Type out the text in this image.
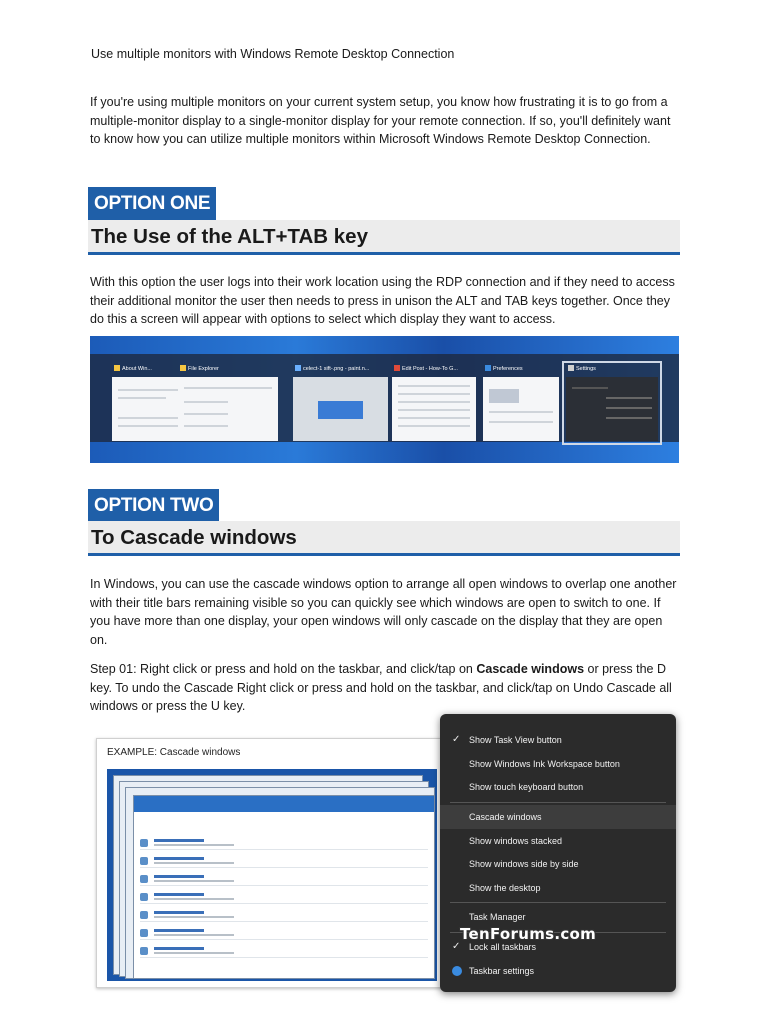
Use multiple monitors with Windows Remote Desktop Connection
If you're using multiple monitors on your current system setup, you know how frustrating it is to go from a multiple-monitor display to a single-monitor display for your remote connection. If so, you'll definitely want to know how you can utilize multiple monitors within Microsoft Windows Remote Desktop Connection.
OPTION ONE
The Use of the ALT+TAB key
With this option the user logs into their work location using the RDP connection and if they need to access their additional monitor the user then needs to press in unison the ALT and TAB keys together. Once they do this a screen will appear with options to select which display they want to access.
About Win...	File Explorer	celect-1 sift-.png - paint.n...	Edit Post - How-To G...	Preferences	Settings
OPTION TWO
To Cascade windows
In Windows, you can use the cascade windows option to arrange all open windows to overlap one another with their title bars remaining visible so you can quickly see which windows are open to switch to one. If you have more than one display, your open windows will only cascade on the display that they are open on.
Step 01: Right click or press and hold on the taskbar, and click/tap on Cascade windows or press the D key. To undo the Cascade Right click or press and hold on the taskbar, and click/tap on Undo Cascade all windows or press the U key.
EXAMPLE: Cascade windows
✓ Show Task View button
Show Windows Ink Workspace button
Show touch keyboard button
Cascade windows
Show windows stacked
Show windows side by side
Show the desktop
Task Manager
✓ Lock all taskbars
Taskbar settings
TenForums.com
